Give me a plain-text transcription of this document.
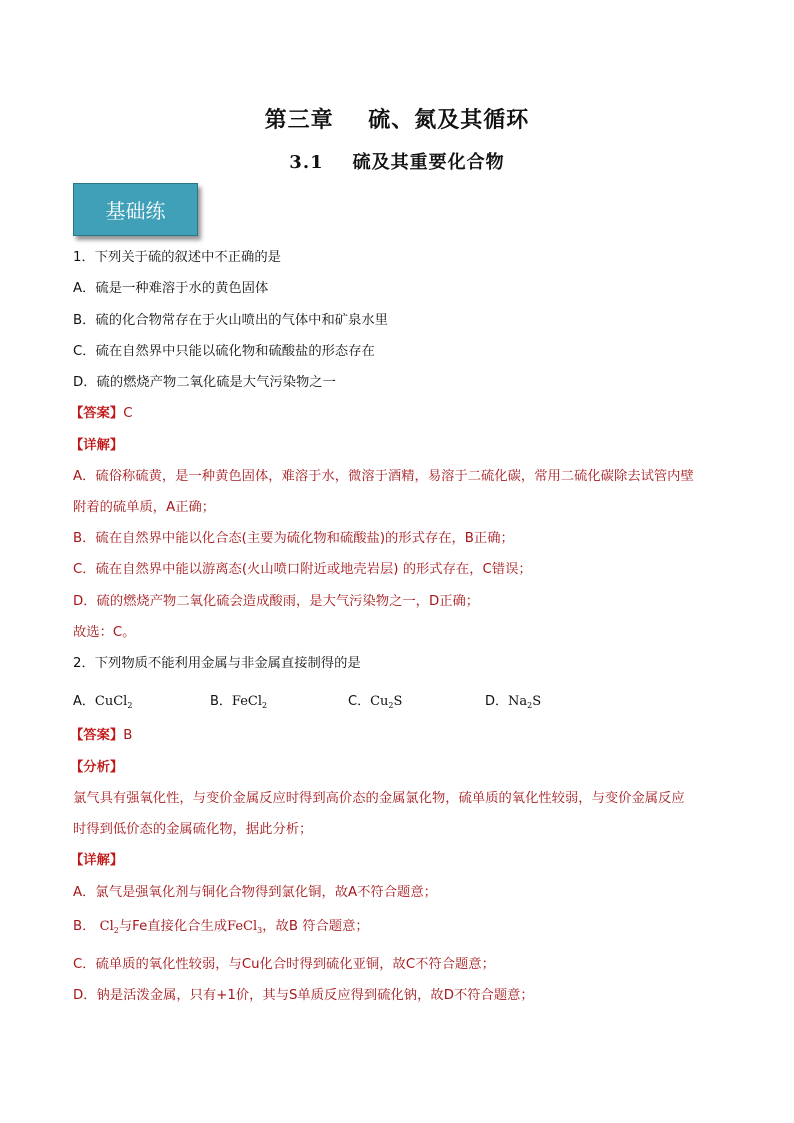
第三章    硫、氮及其循环
3.1    硫及其重要化合物
基础练
1．下列关于硫的叙述中不正确的是
A．硫是一种难溶于水的黄色固体
B．硫的化合物常存在于火山喷出的气体中和矿泉水里
C．硫在自然界中只能以硫化物和硫酸盐的形态存在
D．硫的燃烧产物二氧化硫是大气污染物之一
【答案】C
【详解】
A．硫俗称硫黄，是一种黄色固体，难溶于水，微溶于酒精，易溶于二硫化碳，常用二硫化碳除去试管内壁
附着的硫单质，A正确；
B．硫在自然界中能以化合态(主要为硫化物和硫酸盐)的形式存在，B正确；
C．硫在自然界中能以游离态(火山喷口附近或地壳岩层) 的形式存在，C错误；
D．硫的燃烧产物二氧化硫会造成酸雨，是大气污染物之一，D正确；
故选：C。
2．下列物质不能利用金属与非金属直接制得的是
A．CuCl$_2$	B．FeCl$_2$	C．$Cu_2S$	D．$Na_2S$
【答案】B
【分析】
氯气具有强氧化性，与变价金属反应时得到高价态的金属氯化物，硫单质的氧化性较弱，与变价金属反应
时得到低价态的金属硫化物，据此分析；
【详解】
A．氯气是强氧化剂与铜化合物得到氯化铜，故A不符合题意；
B． $Cl_2$与Fe直接化合生成FeCl$_3$，故B 符合题意；
C．硫单质的氧化性较弱，与Cu化合时得到硫化亚铜，故C不符合题意；
D．钠是活泼金属，只有+1价，其与S单质反应得到硫化钠，故D不符合题意；
